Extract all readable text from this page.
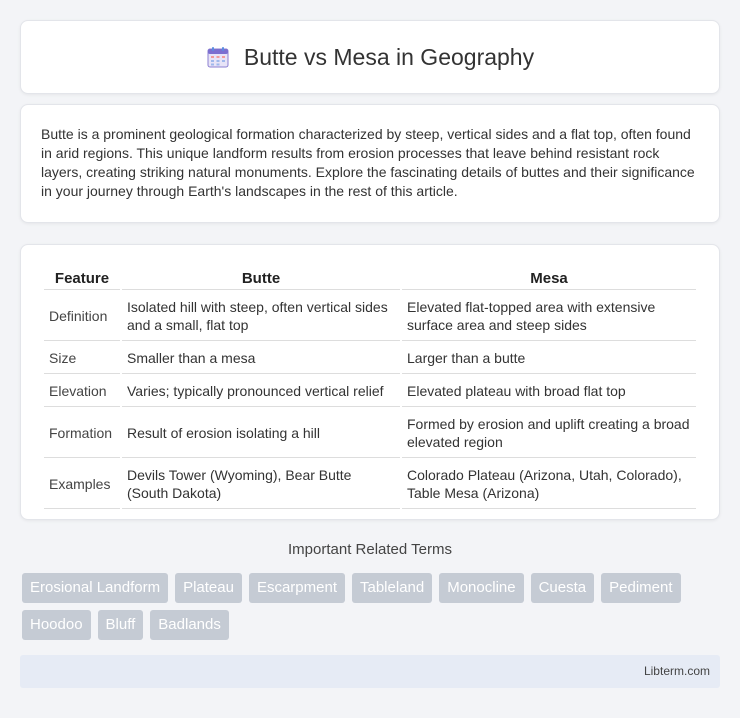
Butte vs Mesa in Geography

Butte is a prominent geological formation characterized by steep, vertical sides and a flat top, often found in arid regions. This unique landform results from erosion processes that leave behind resistant rock layers, creating striking natural monuments. Explore the fascinating details of buttes and their significance in your journey through Earth's landscapes in the rest of this article.

Feature	Butte	Mesa
Definition	Isolated hill with steep, often vertical sides and a small, flat top	Elevated flat-topped area with extensive surface area and steep sides
Size	Smaller than a mesa	Larger than a butte
Elevation	Varies; typically pronounced vertical relief	Elevated plateau with broad flat top
Formation	Result of erosion isolating a hill	Formed by erosion and uplift creating a broad elevated region
Examples	Devils Tower (Wyoming), Bear Butte (South Dakota)	Colorado Plateau (Arizona, Utah, Colorado), Table Mesa (Arizona)
Important Related Terms
Erosional Landform	Plateau	Escarpment	Tableland	Monocline	Cuesta	Pediment
Hoodoo	Bluff	Badlands
Libterm.com
